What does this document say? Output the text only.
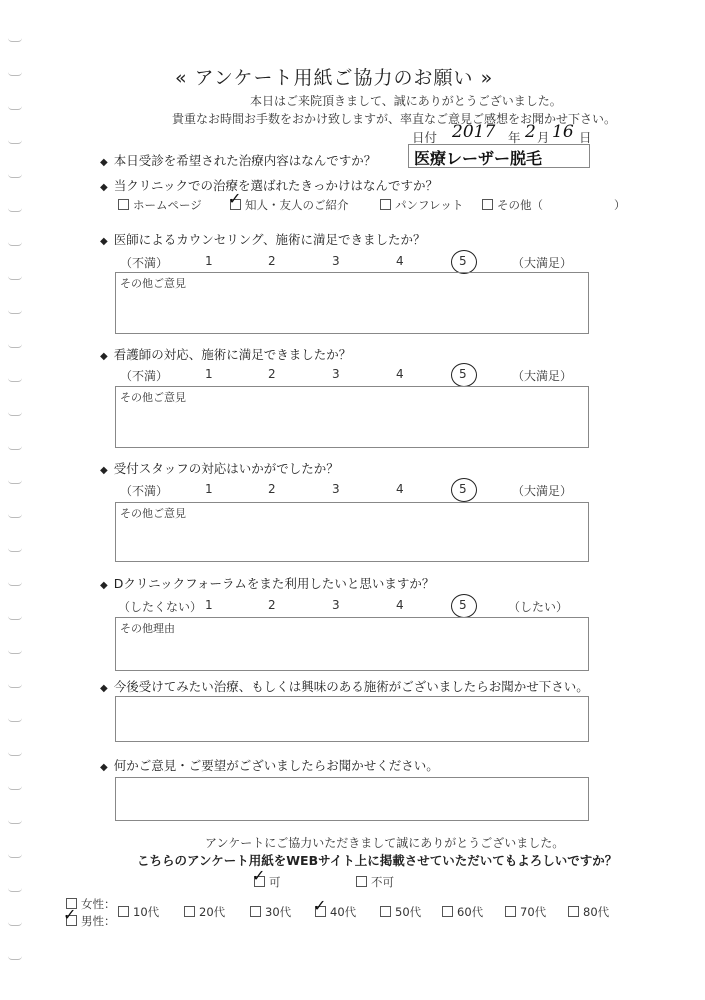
« アンケート用紙ご協力のお願い »
本日はご来院頂きまして、誠にありがとうございました。
貴重なお時間お手数をおかけ致しますが、率直なご意見ご感想をお聞かせ下さい。
日付 2017 年 2 月 16 日
◆ 本日受診を希望された治療内容はなんですか？ 医療レーザー脱毛
◆ 当クリニックでの治療を選ばれたきっかけはなんですか？
ホームページ	知人・友人のご紹介
✓	パンフレット	その他（	）
◆ 医師によるカウンセリング、施術に満足できましたか？
（不満）	1	2	3	4	5	（大満足）
その他ご意見
◆ 看護師の対応、施術に満足できましたか？
（不満）	1	2	3	4	5	（大満足）
その他ご意見
◆ 受付スタッフの対応はいかがでしたか？
（不満）	1	2	3	4	5	（大満足）
その他ご意見
◆ Dクリニックフォーラムをまた利用したいと思いますか？
（したくない） 1	2	3	4	5	（したい）
その他理由
◆ 今後受けてみたい治療、もしくは興味のある施術がございましたらお聞かせ下さい。
◆ 何かご意見・ご要望がございましたらお聞かせください。
アンケートにご協力いただきまして誠にありがとうございました。
こちらのアンケート用紙をWEBサイト上に掲載させていただいてもよろしいですか？
可
✓	不可
女性：
男性：
✓	10代	20代	30代	40代
✓	50代	60代	70代	80代
